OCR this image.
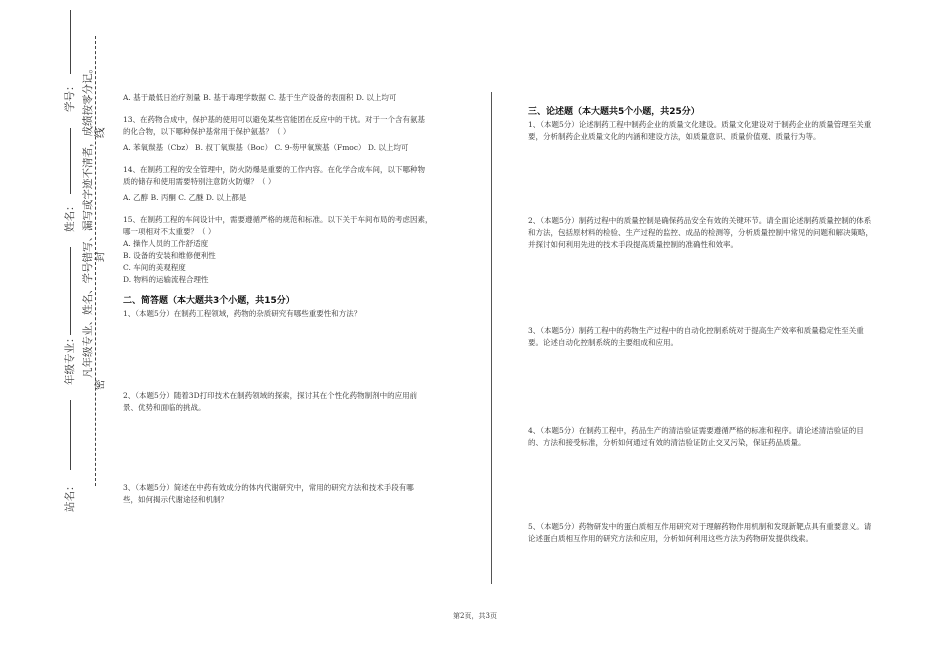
学号：
姓名：
年级专业：
站名：
凡年级专业、姓名、学号错写、漏写或字迹不清者，成绩按零分记。
密
封
线
A. 基于最低日治疗剂量 B. 基于毒理学数据 C. 基于生产设备的表面积 D. 以上均可
13、在药物合成中，保护基的使用可以避免某些官能团在反应中的干扰。对于一个含有氨基
的化合物，以下哪种保护基常用于保护氨基？（ ）
A. 苯氧羰基（Cbz） B. 叔丁氧羰基（Boc） C. 9-芴甲氧羰基（Fmoc） D. 以上均可
14、在制药工程的安全管理中，防火防爆是重要的工作内容。在化学合成车间，以下哪种物
质的储存和使用需要特别注意防火防爆？（ ）
A. 乙醇 B. 丙酮 C. 乙醚 D. 以上都是
15、在制药工程的车间设计中，需要遵循严格的规范和标准。以下关于车间布局的考虑因素，
哪一项相对不太重要？（ ）
A. 操作人员的工作舒适度
B. 设备的安装和维修便利性
C. 车间的美观程度
D. 物料的运输流程合理性
二、简答题（本大题共3个小题，共15分）
1、（本题5分）在制药工程领域，药物的杂质研究有哪些重要性和方法？
2、（本题5分）随着3D打印技术在制药领域的探索，探讨其在个性化药物制剂中的应用前
景、优势和面临的挑战。
3、（本题5分）简述在中药有效成分的体内代谢研究中，常用的研究方法和技术手段有哪
些，如何揭示代谢途径和机制？
三、论述题（本大题共5个小题，共25分）

1、（本题5分）论述制药工程中制药企业的质量文化建设。质量文化建设对于制药企业的质量管理至关重要，分析制药企业质量文化的内涵和建设方法，如质量意识、质量价值观、质量行为等。

2、（本题5分）制药过程中的质量控制是确保药品安全有效的关键环节。请全面论述制药质量控制的体系和方法，包括原材料的检验、生产过程的监控、成品的检测等，分析质量控制中常见的问题和解决策略，并探讨如何利用先进的技术手段提高质量控制的准确性和效率。

3、（本题5分）制药工程中的药物生产过程中的自动化控制系统对于提高生产效率和质量稳定性至关重要。论述自动化控制系统的主要组成和应用。

4、（本题5分）在制药工程中，药品生产的清洁验证需要遵循严格的标准和程序。请论述清洁验证的目的、方法和接受标准，分析如何通过有效的清洁验证防止交叉污染，保证药品质量。

5、（本题5分）药物研发中的蛋白质相互作用研究对于理解药物作用机制和发现新靶点具有重要意义。请论述蛋白质相互作用的研究方法和应用，分析如何利用这些方法为药物研发提供线索。

第2页，共3页
